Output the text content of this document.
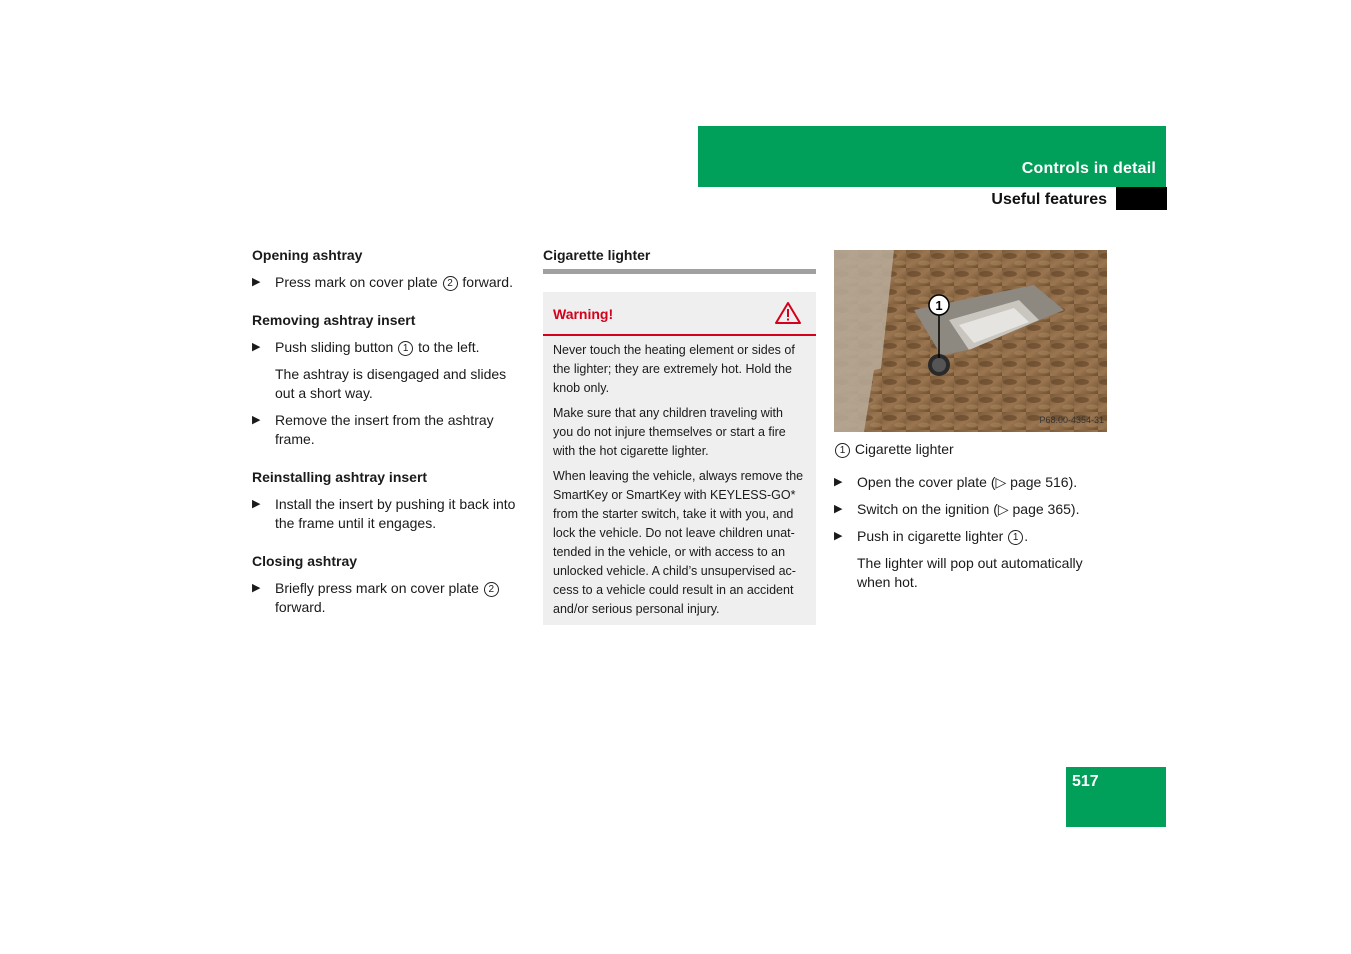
Controls in detail
Useful features

Opening ashtray

▶ Press mark on cover plate 2 forward.

Removing ashtray insert

▶ Push sliding button 1 to the left.

The ashtray is disengaged and slides out a short way.

▶ Remove the insert from the ashtray frame.

Reinstalling ashtray insert

▶ Install the insert by pushing it back into the frame until it engages.

Closing ashtray

▶ Briefly press mark on cover plate 2 forward.

Cigarette lighter
Warning!

Never touch the heating element or sides of the lighter; they are extremely hot. Hold the knob only.

Make sure that any children traveling with you do not injure themselves or start a fire with the hot cigarette lighter.

When leaving the vehicle, always remove the SmartKey or SmartKey with KEYLESS-GO* from the starter switch, take it with you, and lock the vehicle. Do not leave children unat-tended in the vehicle, or with access to an unlocked vehicle. A child’s unsupervised ac-cess to a vehicle could result in an accident and/or serious personal injury.

1
P68.00-4354-31

1 Cigarette lighter

▶ Open the cover plate (▷ page 516).

▶ Switch on the ignition (▷ page 365).

▶ Push in cigarette lighter 1 .

The lighter will pop out automatically when hot.

517
